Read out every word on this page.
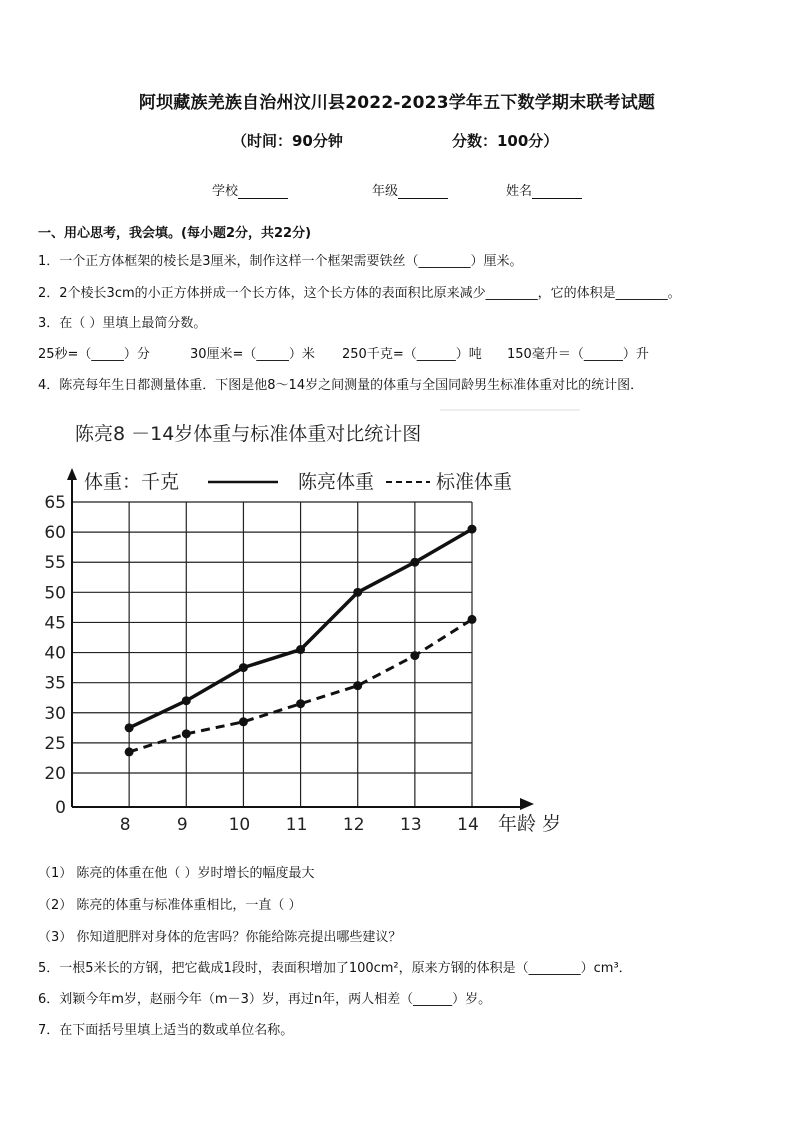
阿坝藏族羌族自治州汶川县2022-2023学年五下数学期末联考试题
（时间：90分钟	分数：100分）
学校	年级	姓名
一、用心思考，我会填。(每小题2分，共22分)
1．一个正方体框架的棱长是3厘米，制作这样一个框架需要铁丝（________）厘米。
2．2个棱长3cm的小正方体拼成一个长方体，这个长方体的表面积比原来减少________，它的体积是________。
3．在（ ）里填上最简分数。
25秒=（_____）分	30厘米=（_____）米 250千克=（______）吨 150毫升＝（______）升
4．陈亮每年生日都测量体重．下图是他8～14岁之间测量的体重与全国同龄男生标准体重对比的统计图．
陈亮8 －14岁体重与标准体重对比统计图
体重：千克	陈亮体重	标准体重
0
20
25
30
35
40
45
50
55
60
65
8	9 10 11 12 13 14 年龄 岁
（1） 陈亮的体重在他（ ）岁时增长的幅度最大
（2） 陈亮的体重与标准体重相比，一直（ ）
（3） 你知道肥胖对身体的危害吗？你能给陈亮提出哪些建议？
5．一根5米长的方钢，把它截成1段时，表面积增加了100cm²，原来方钢的体积是（________）cm³．
6．刘颖今年m岁，赵丽今年（m－3）岁，再过n年，两人相差（______）岁。
7．在下面括号里填上适当的数或单位名称。
